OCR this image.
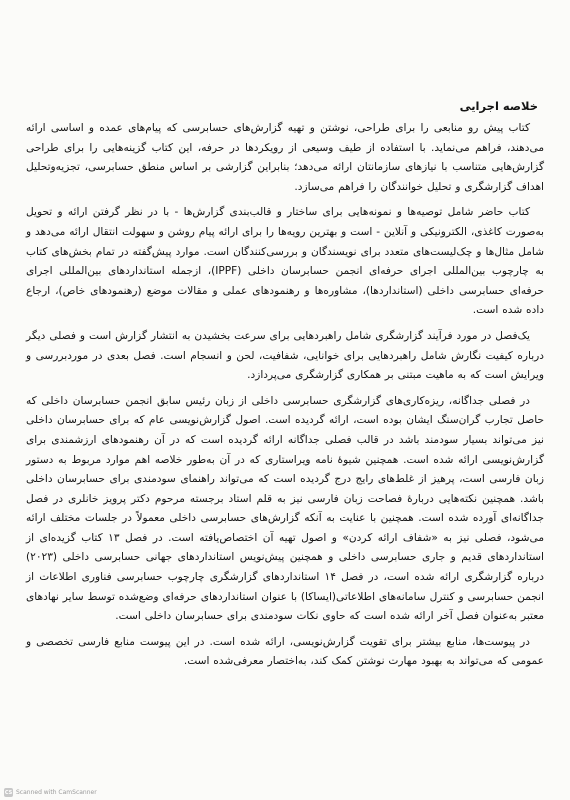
خلاصه اجرایی

کتاب پیش رو منابعی را برای طراحی، نوشتن و تهیه گزارش‌های حسابرسی که پیام‌های عمده و اساسی ارائه می‌دهند، فراهم می‌نماید. با استفاده از طیف وسیعی از رویکردها در حرفه، این کتاب گزینه‌هایی را برای طراحی گزارش‌هایی متناسب با نیازهای سازمانتان ارائه می‌دهد؛ بنابراین گزارشی بر اساس منطق حسابرسی، تجزیه‌وتحلیل اهداف گزارشگری و تحلیل خوانندگان را فراهم می‌سازد.

کتاب حاضر شامل توصیه‌ها و نمونه‌هایی برای ساختار و قالب‌بندی گزارش‌ها - با در نظر گرفتن ارائه و تحویل به‌صورت کاغذی، الکترونیکی و آنلاین - است و بهترین رویه‌ها را برای ارائه پیام روشن و سهولت انتقال ارائه می‌دهد و شامل مثال‌ها و چک‌لیست‌های متعدد برای نویسندگان و بررسی‌کنندگان است. موارد پیش‌گفته در تمام بخش‌های کتاب به چارچوب بین‌المللی اجرای حرفه‌ای انجمن حسابرسان داخلی (IPPF)، ازجمله استانداردهای بین‌المللی اجرای حرفه‌ای حسابرسی داخلی (استانداردها)، مشاوره‌ها و رهنمودهای عملی و مقالات موضع (رهنمودهای خاص)، ارجاع داده شده است.

یک‌فصل در مورد فرآیند گزارشگری شامل راهبردهایی برای سرعت بخشیدن به انتشار گزارش است و فصلی دیگر درباره کیفیت نگارش شامل راهبردهایی برای خوانایی، شفافیت، لحن و انسجام است. فصل بعدی در موردبررسی و ویرایش است که به ماهیت مبتنی بر همکاری گزارشگری می‌پردازد.

در فصلی جداگانه، ریزه‌کاری‌های گزارشگری حسابرسی داخلی از زبان رئیس سابق انجمن حسابرسان داخلی که حاصل تجارب گران‌سنگ ایشان بوده است، ارائه گردیده است. اصول گزارش‌نویسی عام که برای حسابرسان داخلی نیز می‌تواند بسیار سودمند باشد در قالب فصلی جداگانه ارائه گردیده است که در آن رهنمودهای ارزشمندی برای گزارش‌نویسی ارائه شده است. همچنین شیوهٔ نامه ویراستاری که در آن به‌طور خلاصه اهم موارد مربوط به دستور زبان فارسی است، پرهیز از غلط‌های رایج درج گردیده است که می‌تواند راهنمای سودمندی برای حسابرسان داخلی باشد. همچنین نکته‌هایی دربارهٔ فصاحت زبان فارسی نیز به قلم استاد برجسته مرحوم دکتر پرویز خانلری در فصل جداگانه‌ای آورده شده است. همچنین با عنایت به آنکه گزارش‌های حسابرسی داخلی معمولاً در جلسات مختلف ارائه می‌شود، فصلی نیز به «شفاف ارائه کردن» و اصول تهیه آن اختصاص‌یافته است. در فصل ۱۳ کتاب گزیده‌ای از استانداردهای قدیم و جاری حسابرسی داخلی و همچنین پیش‌نویس استانداردهای جهانی حسابرسی داخلی (۲۰۲۳) درباره گزارشگری ارائه شده است، در فصل ۱۴ استانداردهای گزارشگری چارچوب حسابرسی فناوری اطلاعات از انجمن حسابرسی و کنترل سامانه‌های اطلاعاتی(ایساکا) با عنوان استانداردهای حرفه‌ای وضع‌شده توسط سایر نهادهای معتبر به‌عنوان فصل آخر ارائه شده است که حاوی نکات سودمندی برای حسابرسان داخلی است.

در پیوست‌ها، منابع بیشتر برای تقویت گزارش‌نویسی، ارائه شده است. در این پیوست منابع فارسی تخصصی و عمومی که می‌تواند به بهبود مهارت نوشتن کمک کند، به‌اختصار معرفی‌شده است.

CS Scanned with CamScanner
